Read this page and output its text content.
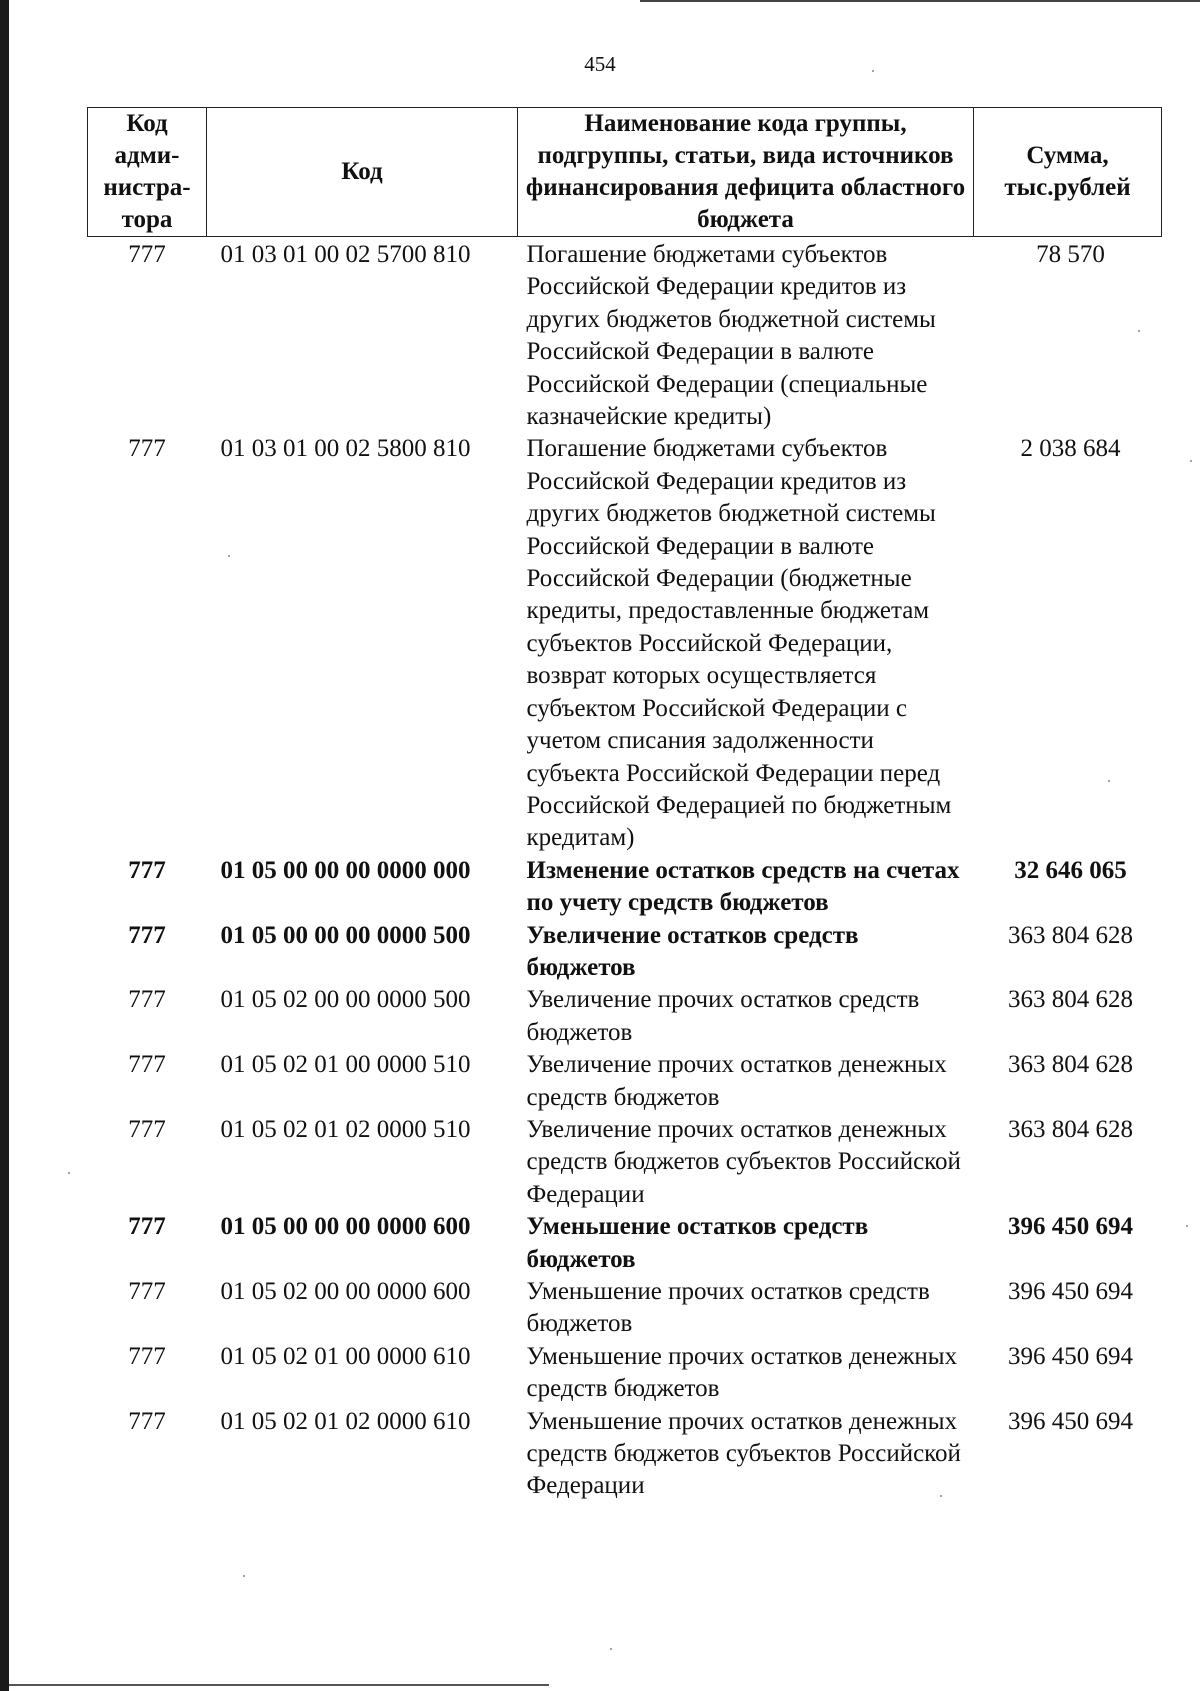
454
Код адми-нистра-тора	Код	Наименование кода группы, подгруппы, статьи, вида источников финансирования дефицита областного бюджета	Сумма, тыс.рублей
777	01 03 01 00 02 5700 810	Погашение бюджетами субъектов Российской Федерации кредитов из других бюджетов бюджетной системы Российской Федерации в валюте Российской Федерации (специальные казначейские кредиты)	78 570
777	01 03 01 00 02 5800 810	Погашение бюджетами субъектов Российской Федерации кредитов из других бюджетов бюджетной системы Российской Федерации в валюте Российской Федерации (бюджетные кредиты, предоставленные бюджетам субъектов Российской Федерации, возврат которых осуществляется субъектом Российской Федерации с учетом списания задолженности субъекта Российской Федерации перед Российской Федерацией по бюджетным кредитам)	2 038 684
777	01 05 00 00 00 0000 000	Изменение остатков средств на счетах по учету средств бюджетов	32 646 065
777	01 05 00 00 00 0000 500	Увеличение остатков средств бюджетов	363 804 628
777	01 05 02 00 00 0000 500	Увеличение прочих остатков средств бюджетов	363 804 628
777	01 05 02 01 00 0000 510	Увеличение прочих остатков денежных средств бюджетов	363 804 628
777	01 05 02 01 02 0000 510	Увеличение прочих остатков денежных средств бюджетов субъектов Российской Федерации	363 804 628
777	01 05 00 00 00 0000 600	Уменьшение остатков средств бюджетов	396 450 694
777	01 05 02 00 00 0000 600	Уменьшение прочих остатков средств бюджетов	396 450 694
777	01 05 02 01 00 0000 610	Уменьшение прочих остатков денежных средств бюджетов	396 450 694
777	01 05 02 01 02 0000 610	Уменьшение прочих остатков денежных средств бюджетов субъектов Российской Федерации	396 450 694
